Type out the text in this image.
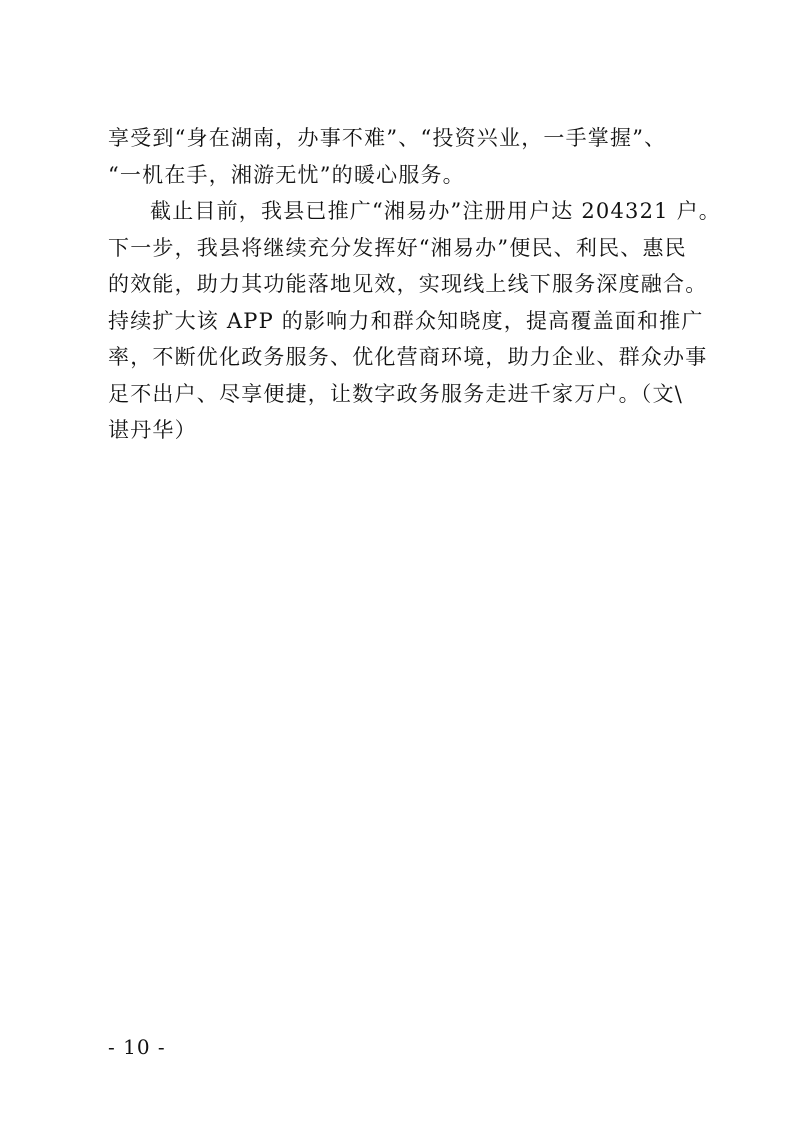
享受到“身在湖南，办事不难”、“投资兴业，一手掌握”、
“一机在手，湘游无忧”的暖心服务。
截止目前，我县已推广“湘易办”注册用户达 204321 户。
下一步，我县将继续充分发挥好“湘易办”便民、利民、惠民
的效能，助力其功能落地见效，实现线上线下服务深度融合。
持续扩大该 APP 的影响力和群众知晓度，提高覆盖面和推广
率，不断优化政务服务、优化营商环境，助力企业、群众办事
足不出户、尽享便捷，让数字政务服务走进千家万户。（文\
谌丹华）
- 10 -
